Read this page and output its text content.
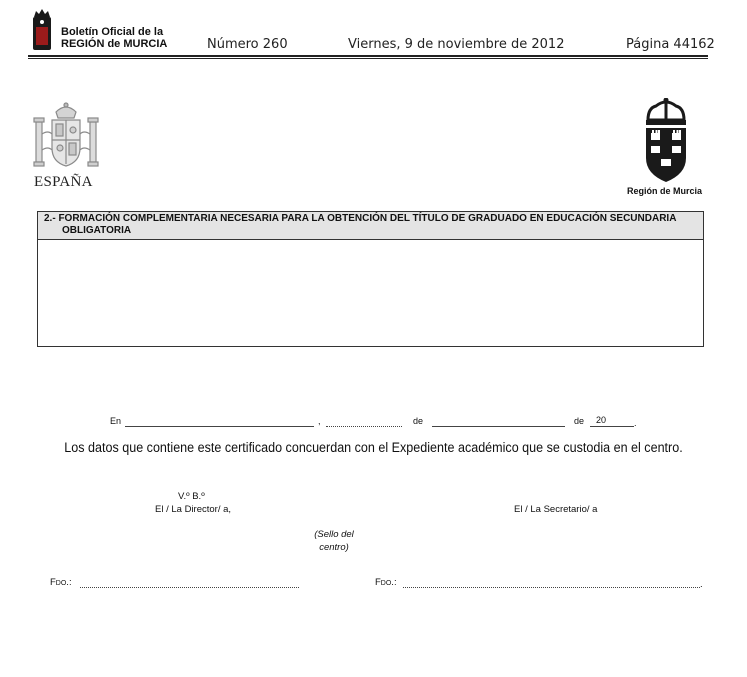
Boletín Oficial de la
REGIÓN de MURCIA	Número 260	Viernes, 9 de noviembre de 2012	Página 44162
ESPAÑA
Región de Murcia
2.- FORMACIÓN COMPLEMENTARIA NECESARIA PARA LA OBTENCIÓN DEL TÍTULO DE GRADUADO EN EDUCACIÓN SECUNDARIA
OBLIGATORIA
En	,	de	de 20	.
Los datos que contiene este certificado concuerdan con el Expediente académico que se custodia en el centro.
V.º B.º
El / La Director/ a,	El / La Secretario/ a
(Sello del
centro)
Fdo.:	Fdo.:	.
